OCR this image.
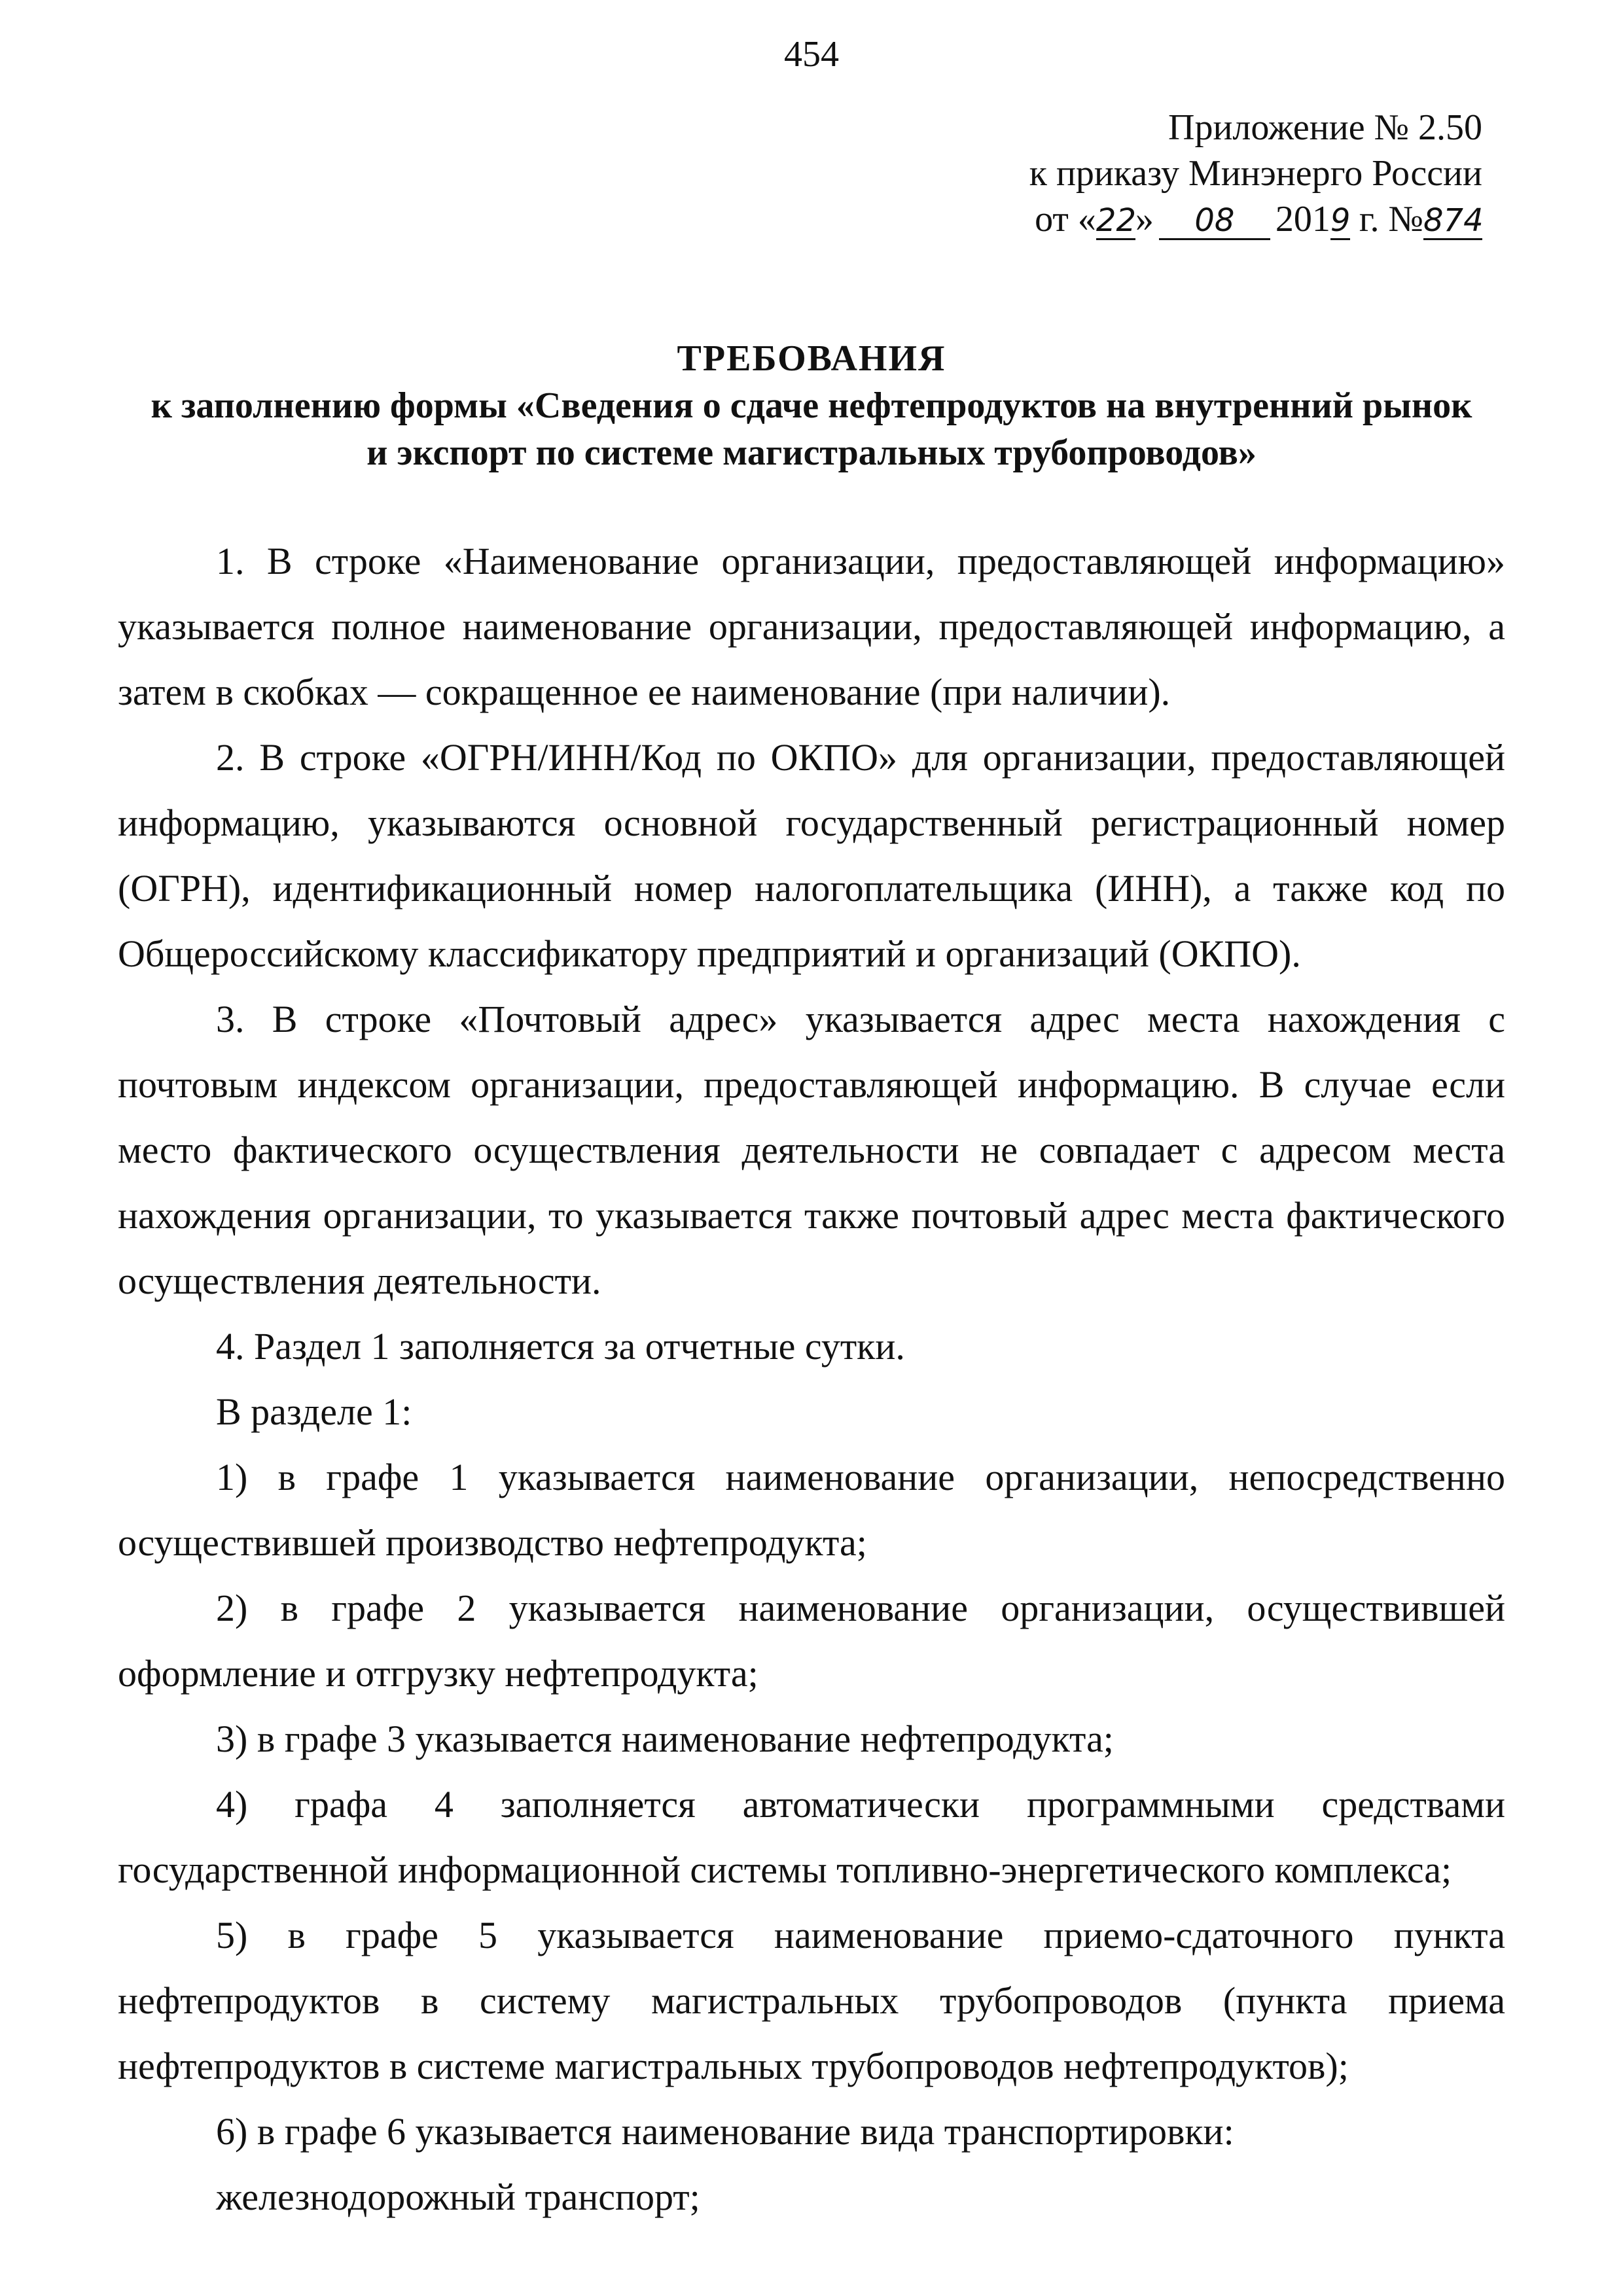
454
Приложение № 2.50
к приказу Минэнерго России
от «22» 08 2019 г. №874
ТРЕБОВАНИЯ
к заполнению формы «Сведения о сдаче нефтепродуктов на внутренний рынок
и экспорт по системе магистральных трубопроводов»

1. В строке «Наименование организации, предоставляющей информацию» указывается полное наименование организации, предоставляющей информацию, а затем в скобках — сокращенное ее наименование (при наличии).

2. В строке «ОГРН/ИНН/Код по ОКПО» для организации, предоставляющей информацию, указываются основной государственный регистрационный номер (ОГРН), идентификационный номер налогоплательщика (ИНН), а также код по Общероссийскому классификатору предприятий и организаций (ОКПО).

3. В строке «Почтовый адрес» указывается адрес места нахождения с почтовым индексом организации, предоставляющей информацию. В случае если место фактического осуществления деятельности не совпадает с адресом места нахождения организации, то указывается также почтовый адрес места фактического осуществления деятельности.

4. Раздел 1 заполняется за отчетные сутки.

В разделе 1:

1) в графе 1 указывается наименование организации, непосредственно осуществившей производство нефтепродукта;

2) в графе 2 указывается наименование организации, осуществившей оформление и отгрузку нефтепродукта;

3) в графе 3 указывается наименование нефтепродукта;

4) графа 4 заполняется автоматически программными средствами государственной информационной системы топливно-энергетического комплекса;

5) в графе 5 указывается наименование приемо-сдаточного пункта нефтепродуктов в систему магистральных трубопроводов (пункта приема нефтепродуктов в системе магистральных трубопроводов нефтепродуктов);

6) в графе 6 указывается наименование вида транспортировки:

железнодорожный транспорт;
